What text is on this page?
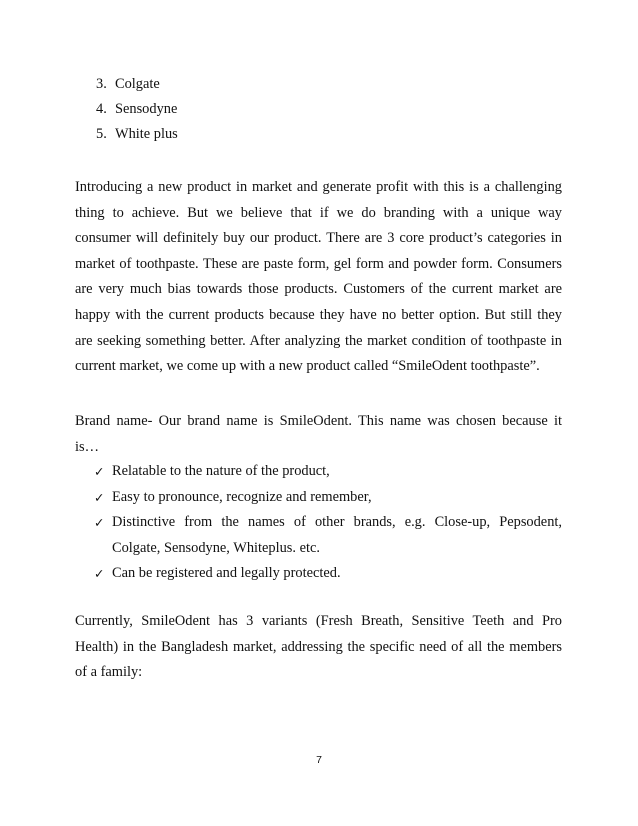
3. Colgate
4. Sensodyne
5. White plus

Introducing a new product in market and generate profit with this is a challenging
thing to achieve. But we believe that if we do branding with a unique way
consumer will definitely buy our product. There are 3 core product’s categories in
market of toothpaste. These are paste form, gel form and powder form. Consumers
are very much bias towards those products. Customers of the current market are
happy with the current products because they have no better option. But still they
are seeking something better. After analyzing the market condition of toothpaste in
current market, we come up with a new product called “SmileOdent toothpaste”.

Brand name- Our brand name is SmileOdent. This name was chosen because it
is…

✓ Relatable to the nature of the product,
✓ Easy to pronounce, recognize and remember,
✓ Distinctive from the names of other brands, e.g. Close-up, Pepsodent,
Colgate, Sensodyne, Whiteplus. etc.
✓ Can be registered and legally protected.

Currently, SmileOdent has 3 variants (Fresh Breath, Sensitive Teeth and Pro
Health) in the Bangladesh market, addressing the specific need of all the members
of a family:

7
